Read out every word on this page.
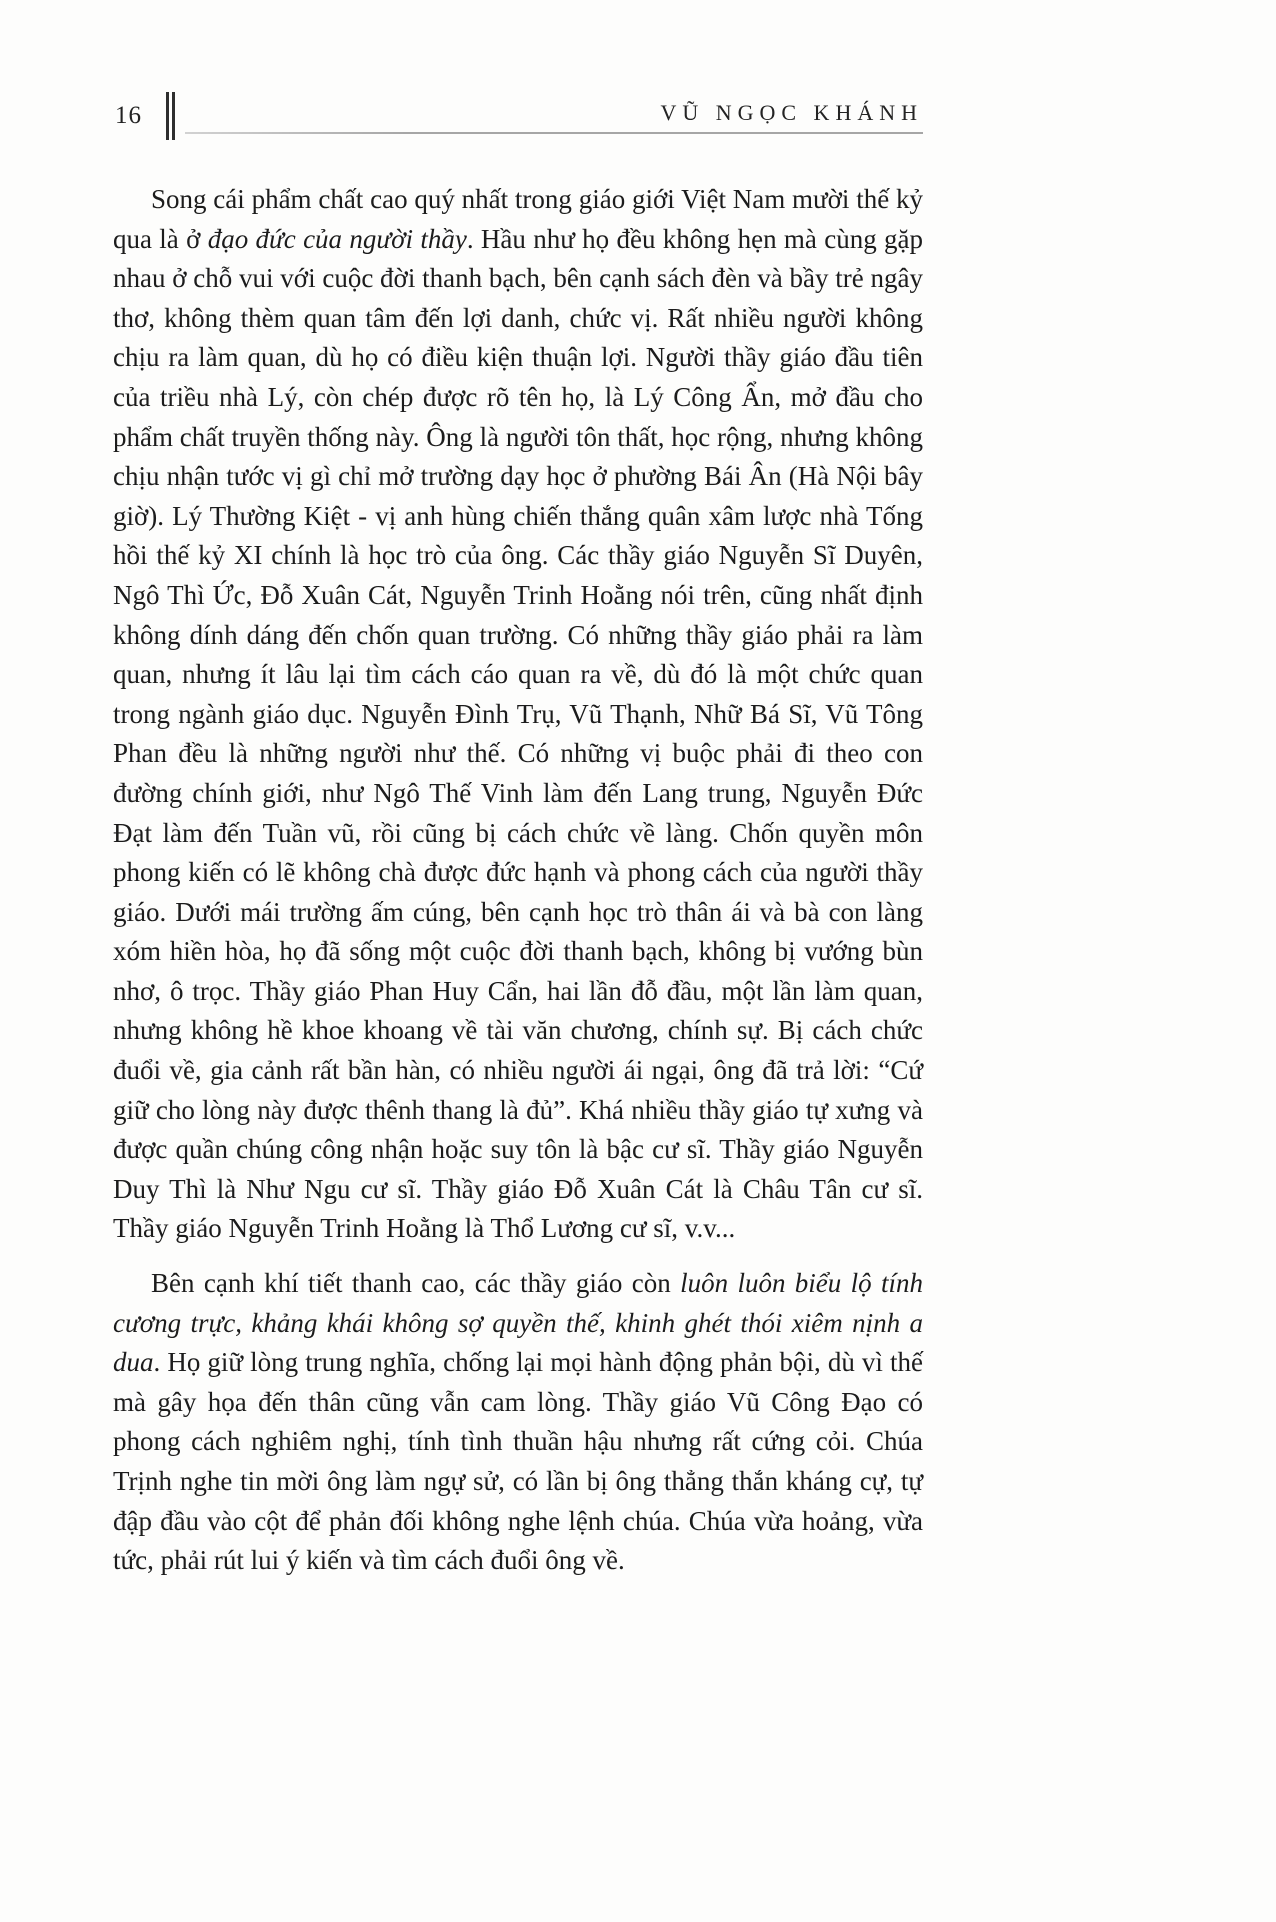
16	VŨ NGỌC KHÁNH

Song cái phẩm chất cao quý nhất trong giáo giới Việt Nam mười thế kỷ qua là ở đạo đức của người thầy. Hầu như họ đều không hẹn mà cùng gặp nhau ở chỗ vui với cuộc đời thanh bạch, bên cạnh sách đèn và bầy trẻ ngây thơ, không thèm quan tâm đến lợi danh, chức vị. Rất nhiều người không chịu ra làm quan, dù họ có điều kiện thuận lợi. Người thầy giáo đầu tiên của triều nhà Lý, còn chép được rõ tên họ, là Lý Công Ẩn, mở đầu cho phẩm chất truyền thống này. Ông là người tôn thất, học rộng, nhưng không chịu nhận tước vị gì chỉ mở trường dạy học ở phường Bái Ân (Hà Nội bây giờ). Lý Thường Kiệt - vị anh hùng chiến thắng quân xâm lược nhà Tống hồi thế kỷ XI chính là học trò của ông. Các thầy giáo Nguyễn Sĩ Duyên, Ngô Thì Ức, Đỗ Xuân Cát, Nguyễn Trinh Hoằng nói trên, cũng nhất định không dính dáng đến chốn quan trường. Có những thầy giáo phải ra làm quan, nhưng ít lâu lại tìm cách cáo quan ra về, dù đó là một chức quan trong ngành giáo dục. Nguyễn Đình Trụ, Vũ Thạnh, Nhữ Bá Sĩ, Vũ Tông Phan đều là những người như thế. Có những vị buộc phải đi theo con đường chính giới, như Ngô Thế Vinh làm đến Lang trung, Nguyễn Đức Đạt làm đến Tuần vũ, rồi cũng bị cách chức về làng. Chốn quyền môn phong kiến có lẽ không chà được đức hạnh và phong cách của người thầy giáo. Dưới mái trường ấm cúng, bên cạnh học trò thân ái và bà con làng xóm hiền hòa, họ đã sống một cuộc đời thanh bạch, không bị vướng bùn nhơ, ô trọc. Thầy giáo Phan Huy Cẩn, hai lần đỗ đầu, một lần làm quan, nhưng không hề khoe khoang về tài văn chương, chính sự. Bị cách chức đuổi về, gia cảnh rất bần hàn, có nhiều người ái ngại, ông đã trả lời: “Cứ giữ cho lòng này được thênh thang là đủ”. Khá nhiều thầy giáo tự xưng và được quần chúng công nhận hoặc suy tôn là bậc cư sĩ. Thầy giáo Nguyễn Duy Thì là Như Ngu cư sĩ. Thầy giáo Đỗ Xuân Cát là Châu Tân cư sĩ. Thầy giáo Nguyễn Trinh Hoằng là Thổ Lương cư sĩ, v.v...

Bên cạnh khí tiết thanh cao, các thầy giáo còn luôn luôn biểu lộ tính cương trực, khảng khái không sợ quyền thế, khinh ghét thói xiêm nịnh a dua. Họ giữ lòng trung nghĩa, chống lại mọi hành động phản bội, dù vì thế mà gây họa đến thân cũng vẫn cam lòng. Thầy giáo Vũ Công Đạo có phong cách nghiêm nghị, tính tình thuần hậu nhưng rất cứng cỏi. Chúa Trịnh nghe tin mời ông làm ngự sử, có lần bị ông thẳng thắn kháng cự, tự đập đầu vào cột để phản đối không nghe lệnh chúa. Chúa vừa hoảng, vừa tức, phải rút lui ý kiến và tìm cách đuổi ông về.
